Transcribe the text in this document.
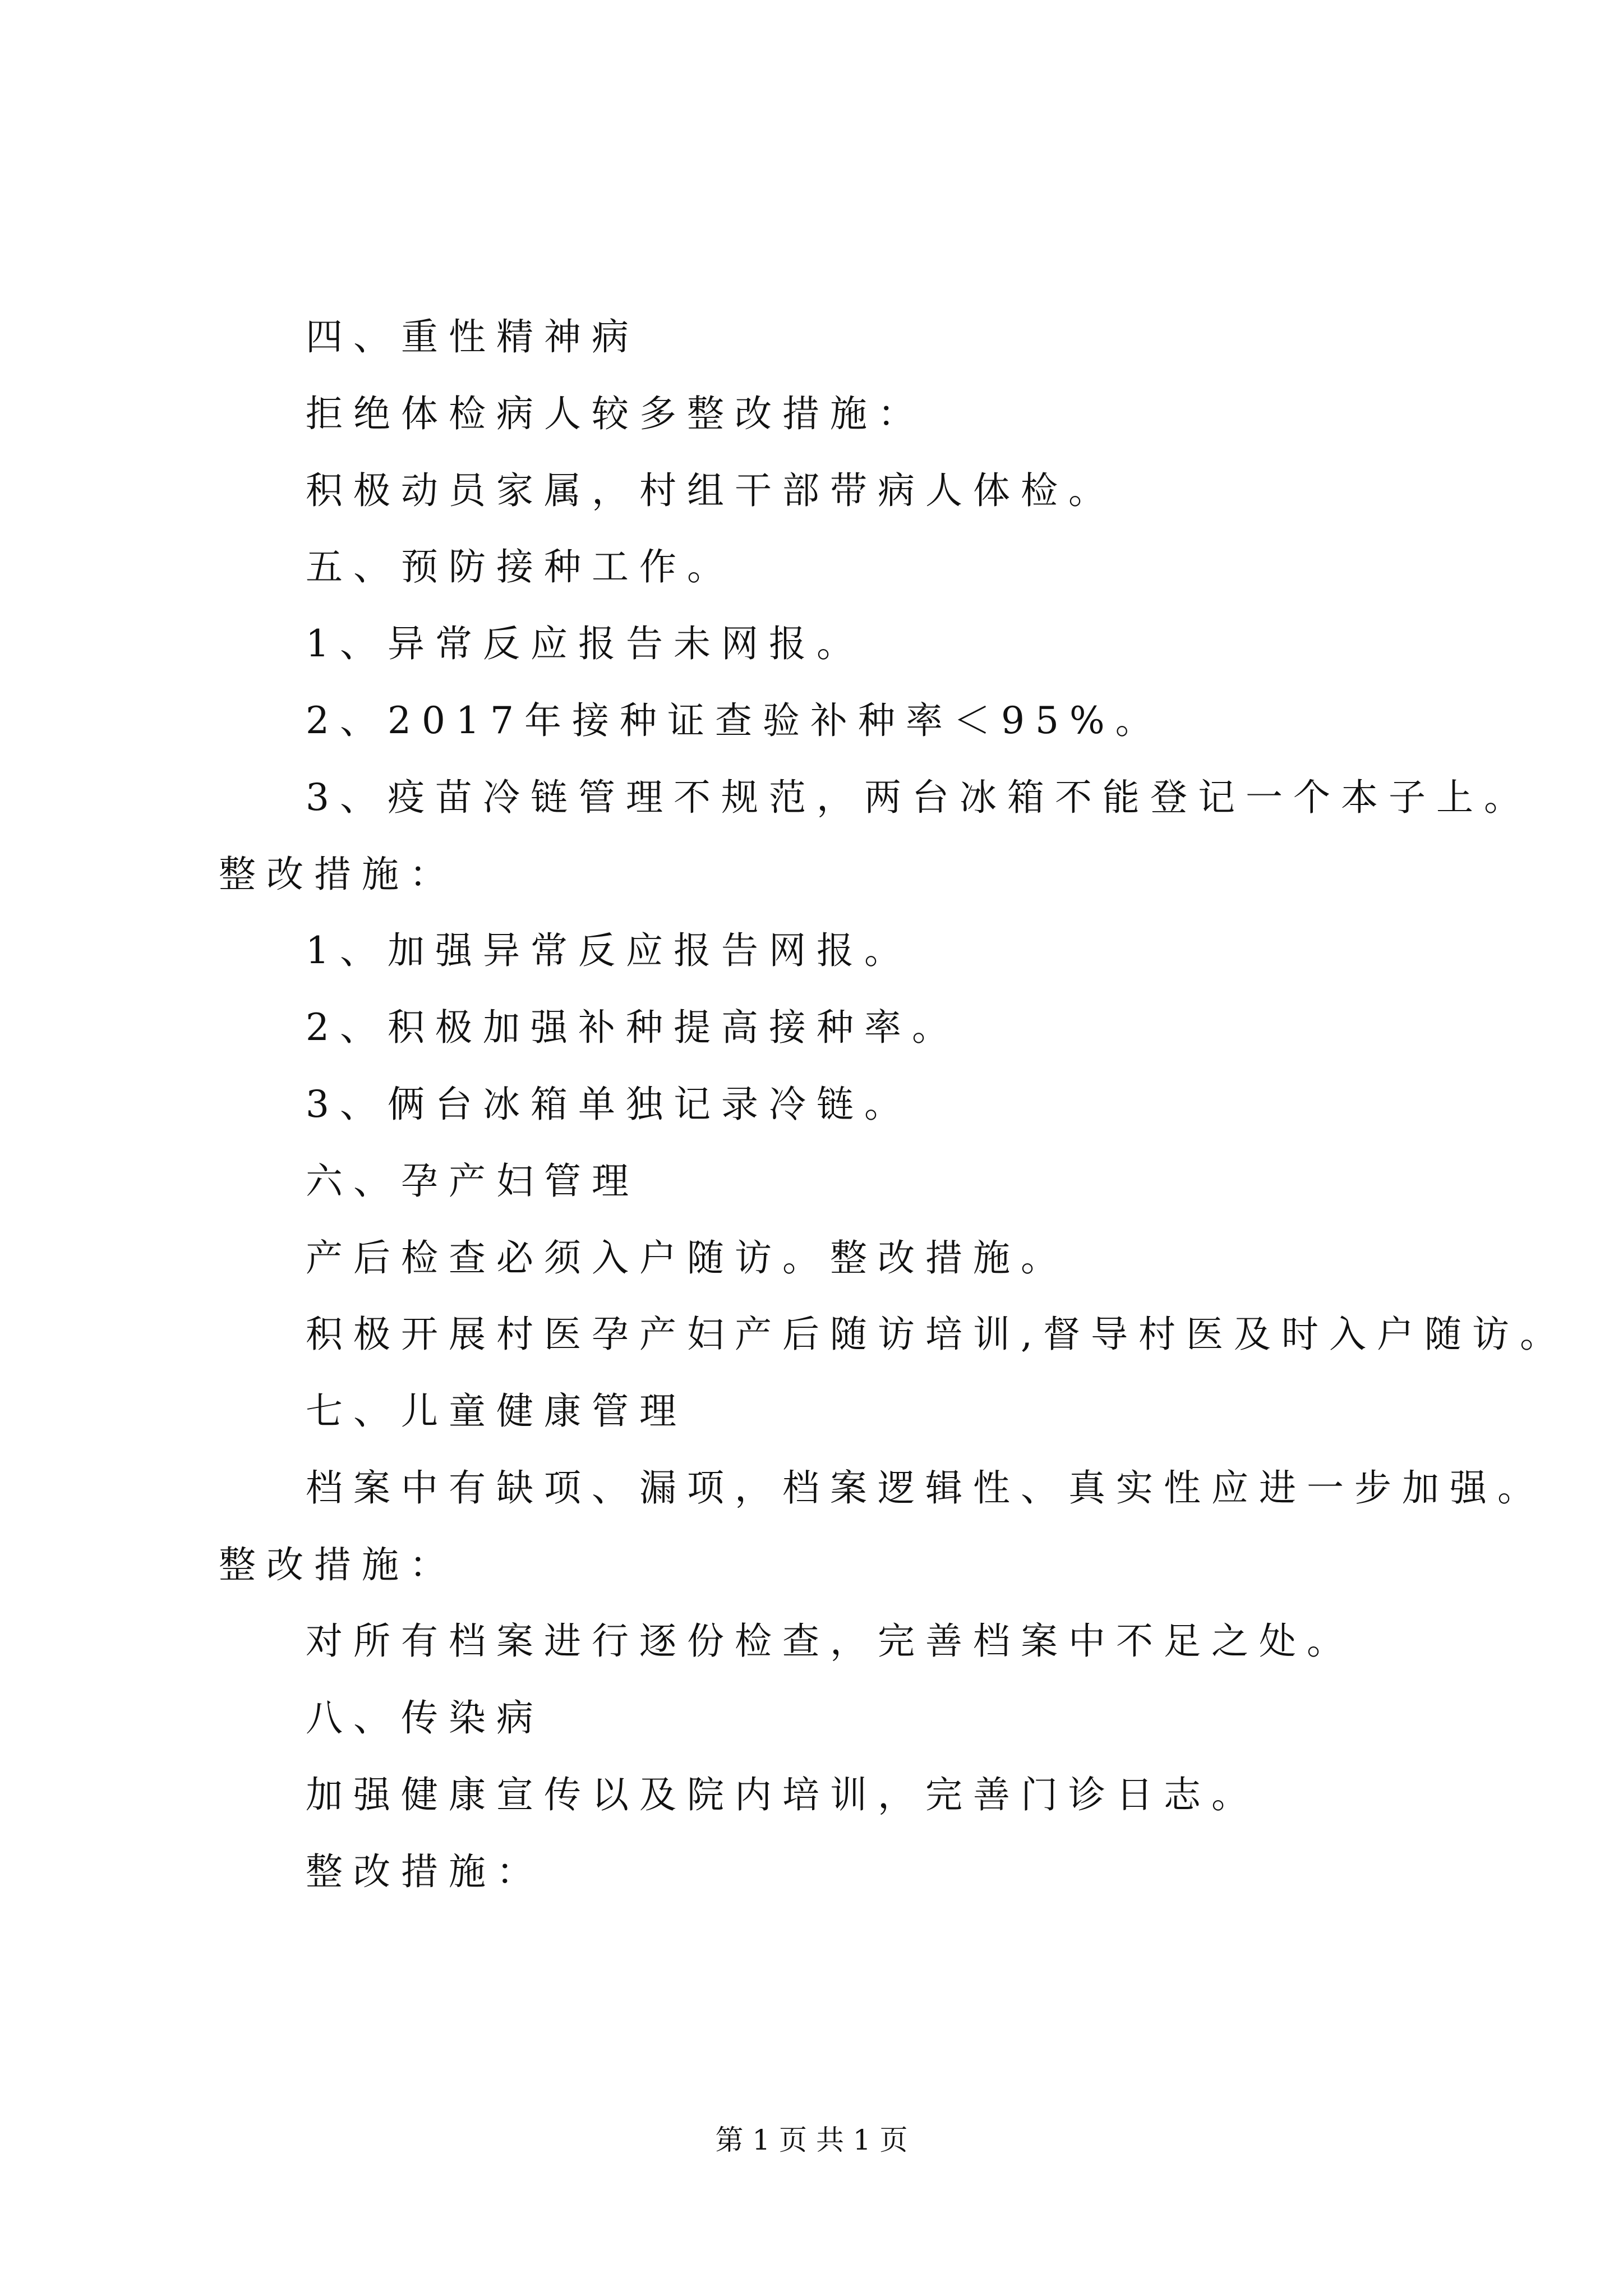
四、重性精神病
拒绝体检病人较多整改措施：
积极动员家属，村组干部带病人体检。
五、预防接种工作。
1、异常反应报告未网报。
2、2017年接种证查验补种率＜95%。
3、疫苗冷链管理不规范，两台冰箱不能登记一个本子上。
整改措施：
1、加强异常反应报告网报。
2、积极加强补种提高接种率。
3、俩台冰箱单独记录冷链。
六、孕产妇管理
产后检查必须入户随访。整改措施。
积极开展村医孕产妇产后随访培训,督导村医及时入户随访。
七、儿童健康管理
档案中有缺项、漏项，档案逻辑性、真实性应进一步加强。
整改措施：
对所有档案进行逐份检查，完善档案中不足之处。
八、传染病
加强健康宣传以及院内培训，完善门诊日志。
整改措施：
第 1 页 共 1 页
